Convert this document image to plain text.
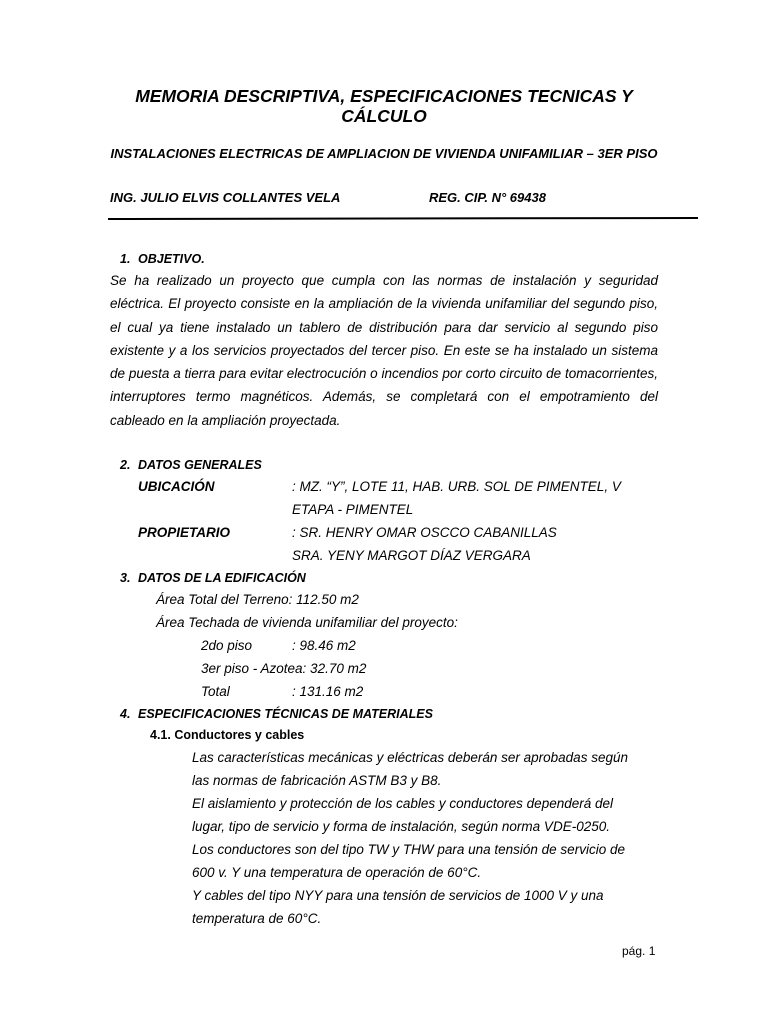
MEMORIA DESCRIPTIVA, ESPECIFICACIONES TECNICAS Y CÁLCULO
INSTALACIONES ELECTRICAS DE AMPLIACION DE VIVIENDA UNIFAMILIAR – 3ER PISO
ING. JULIO ELVIS COLLANTES VELA	REG. CIP. N° 69438
1. OBJETIVO.
Se ha realizado un proyecto que cumpla con las normas de instalación y seguridad eléctrica. El proyecto consiste en la ampliación de la vivienda unifamiliar del segundo piso, el cual ya tiene instalado un tablero de distribución para dar servicio al segundo piso existente y a los servicios proyectados del tercer piso. En este se ha instalado un sistema de puesta a tierra para evitar electrocución o incendios por corto circuito de tomacorrientes, interruptores termo magnéticos. Además, se completará con el empotramiento del cableado en la ampliación proyectada.
2. DATOS GENERALES
UBICACIÓN	: MZ. “Y”, LOTE 11, HAB. URB. SOL DE PIMENTEL, V
ETAPA - PIMENTEL
PROPIETARIO	: SR. HENRY OMAR OSCCO CABANILLAS
SRA. YENY MARGOT DÍAZ VERGARA
3. DATOS DE LA EDIFICACIÓN
Área Total del Terreno: 112.50 m2
Área Techada de vivienda unifamiliar del proyecto:
2do piso	: 98.46 m2
3er piso - Azotea: 32.70 m2
Total	: 131.16 m2
4. ESPECIFICACIONES TÉCNICAS DE MATERIALES
4.1. Conductores y cables
Las características mecánicas y eléctricas deberán ser aprobadas según
las normas de fabricación ASTM B3 y B8.
El aislamiento y protección de los cables y conductores dependerá del
lugar, tipo de servicio y forma de instalación, según norma VDE-0250.
Los conductores son del tipo TW y THW para una tensión de servicio de
600 v. Y una temperatura de operación de 60°C.
Y cables del tipo NYY para una tensión de servicios de 1000 V y una
temperatura de 60°C.
pág. 1
